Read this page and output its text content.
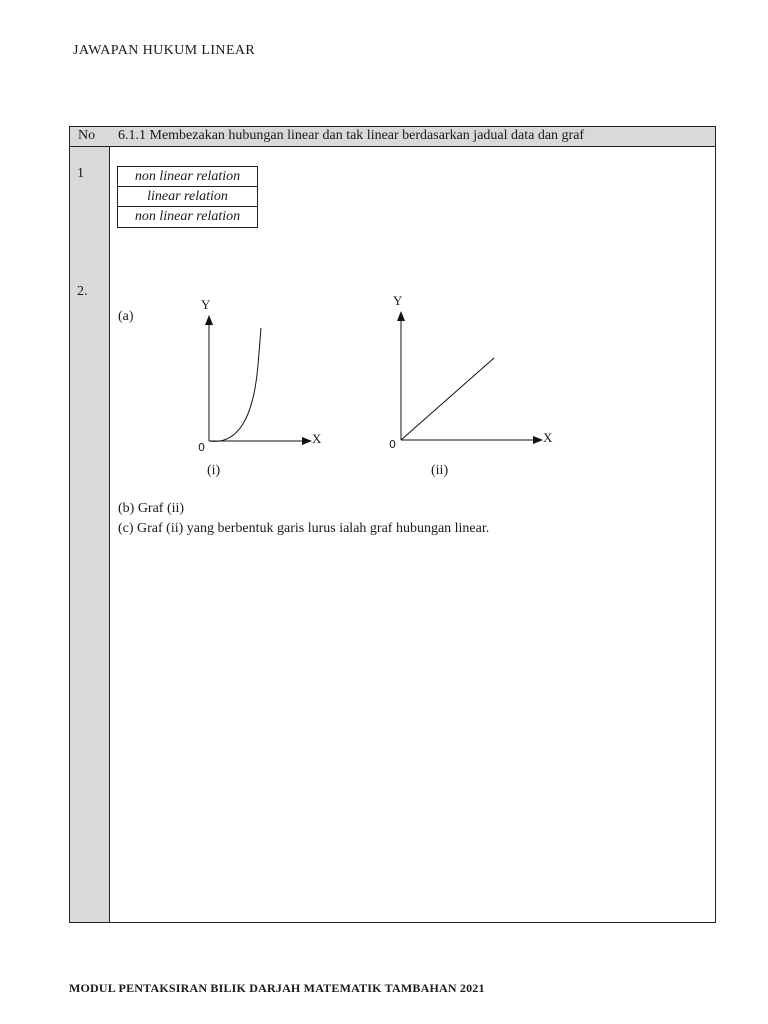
JAWAPAN HUKUM LINEAR
No 6.1.1 Membezakan hubungan linear dan tak linear berdasarkan jadual data dan graf
1	non linear relation
linear relation
non linear relation
2.
(a)
Y
X
0
(i)
Y
X
0
(ii)
(b) Graf (ii)
(c) Graf (ii) yang berbentuk garis lurus ialah graf hubungan linear.
MODUL PENTAKSIRAN BILIK DARJAH MATEMATIK TAMBAHAN 2021
